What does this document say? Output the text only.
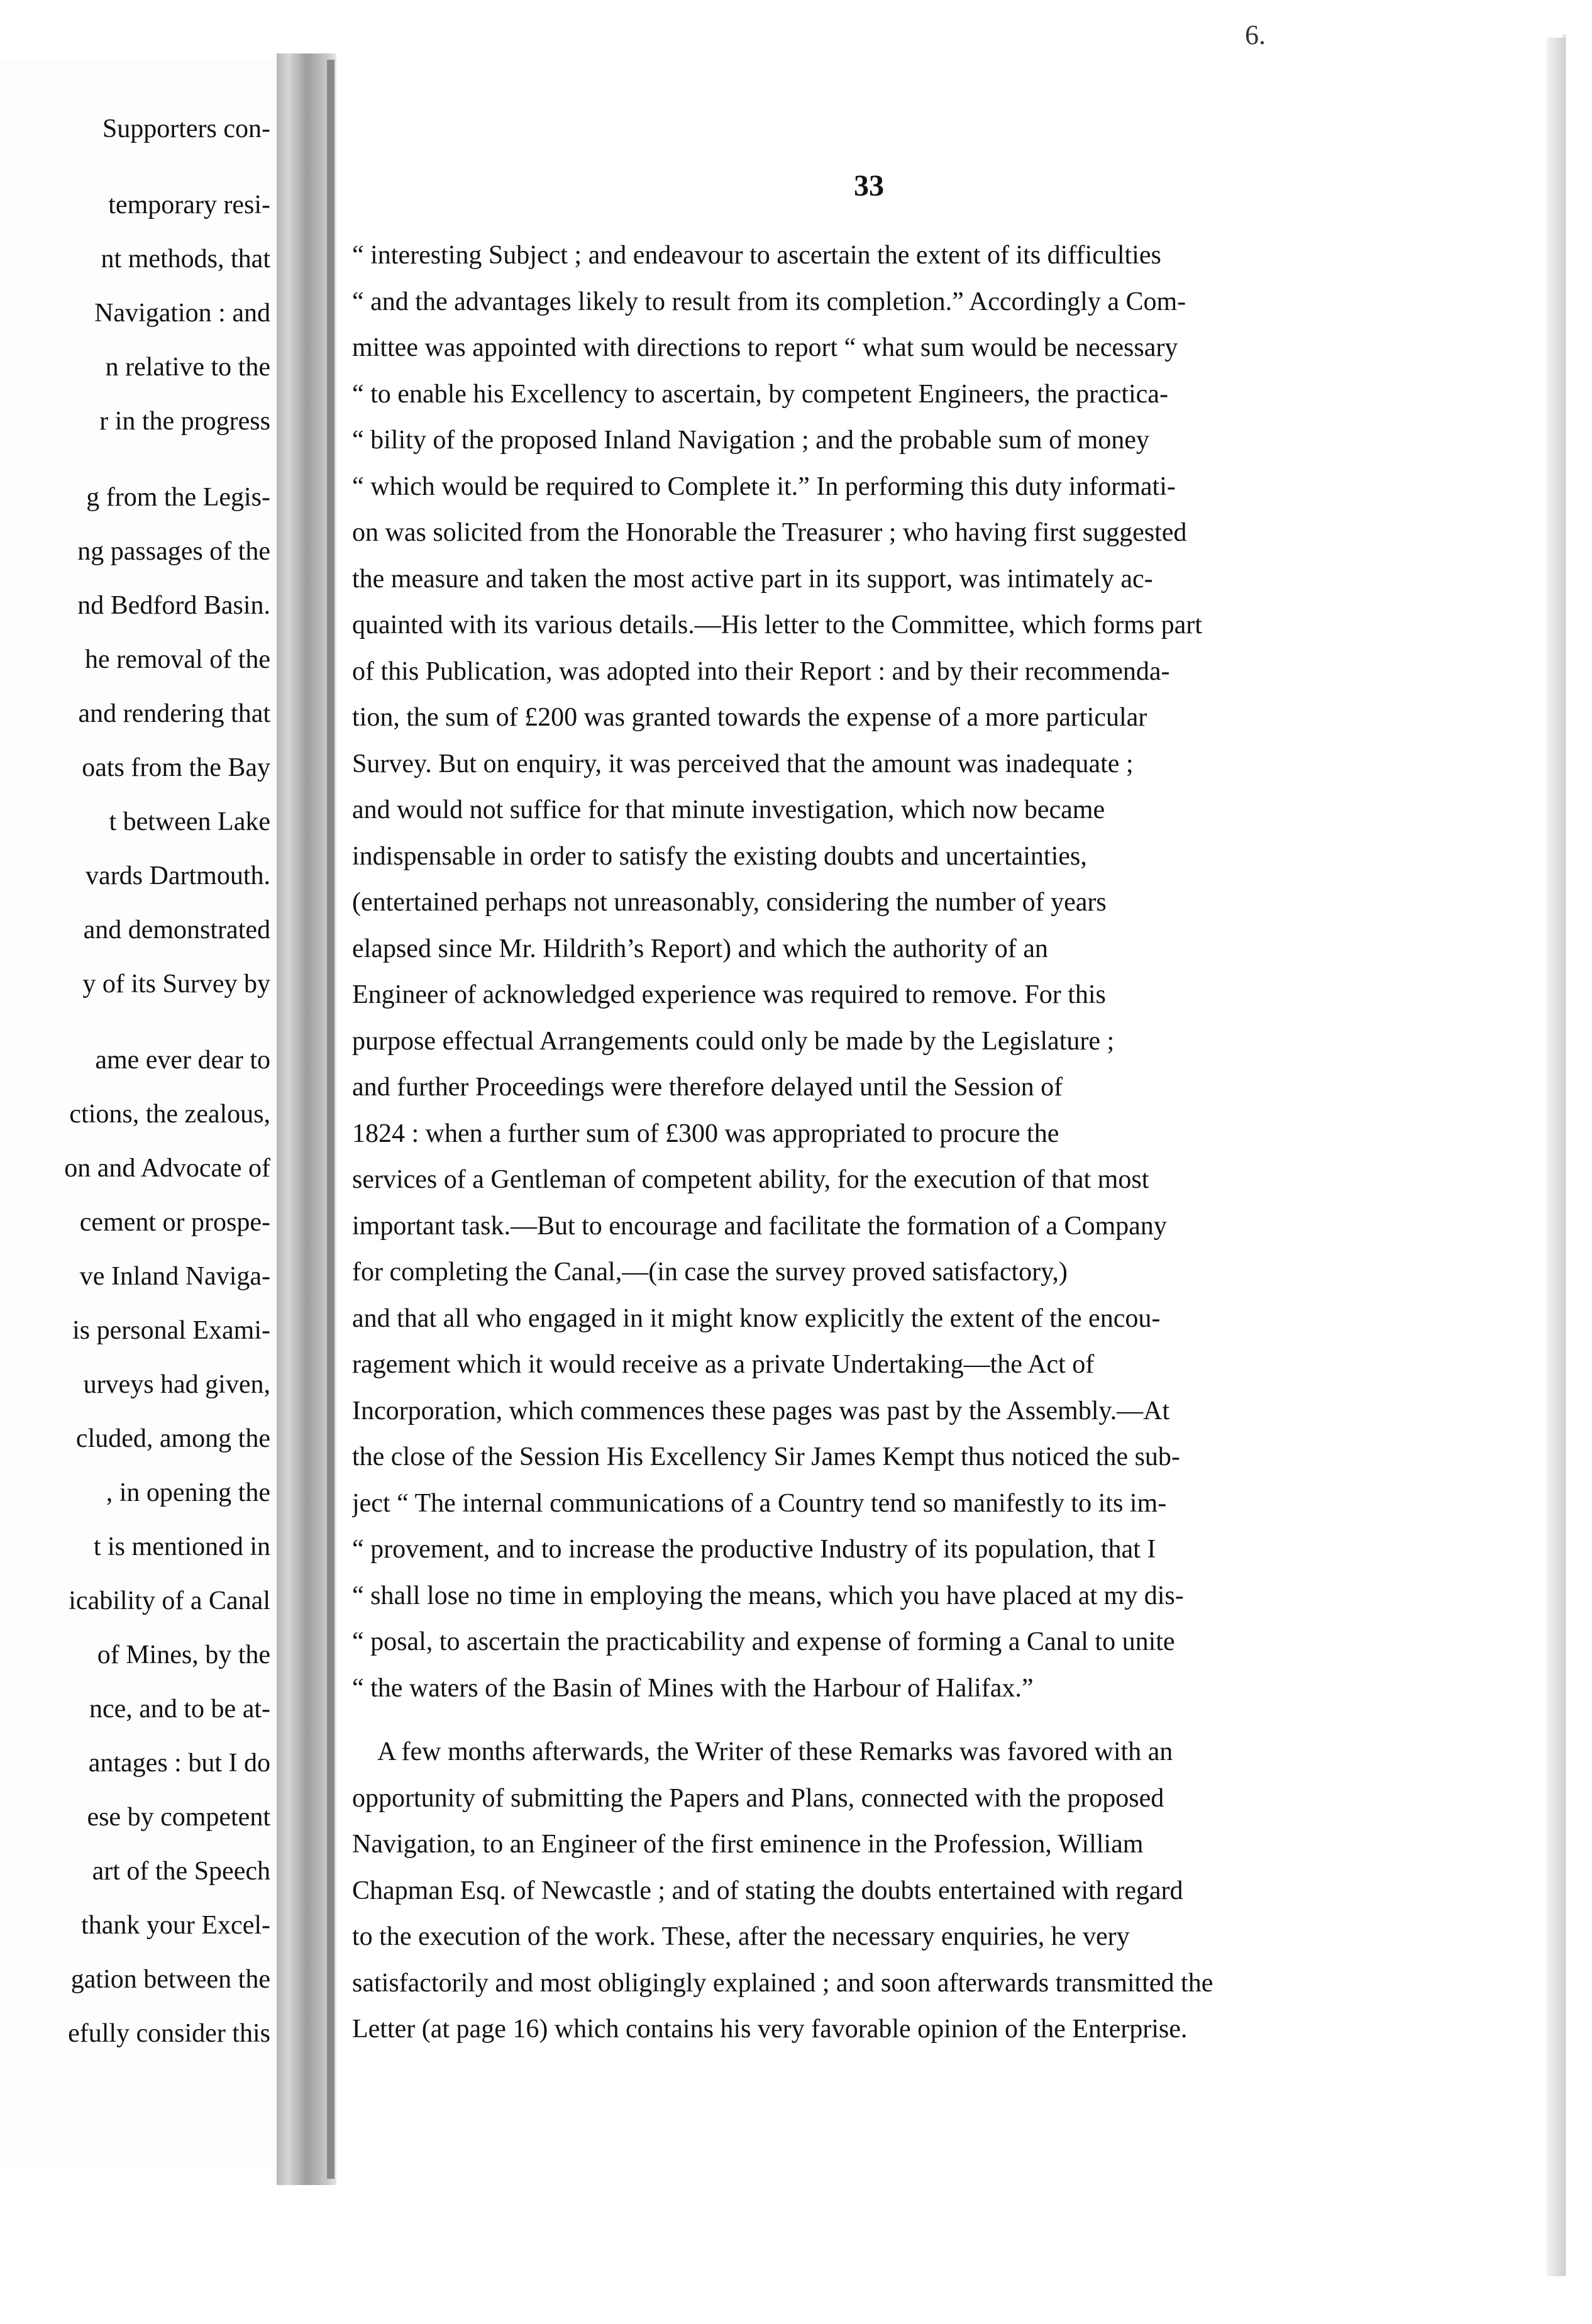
Supporters con-
temporary resi-
nt methods, that
Navigation : and
n relative to the
r in the progress
g from the Legis-
ng passages of the
nd Bedford Basin.
he removal of the
and rendering that
oats from the Bay
t between Lake
vards Dartmouth.
and demonstrated
y of its Survey by
ame ever dear to
ctions, the zealous,
on and Advocate of
cement or prospe-
ve Inland Naviga-
is personal Exami-
urveys had given,
cluded, among the
, in opening the
t is mentioned in
icability of a Canal
of Mines, by the
nce, and to be at-
antages : but I do
ese by competent
art of the Speech
thank your Excel-
gation between the
efully consider this
6.
33
“ interesting Subject ; and endeavour to ascertain the extent of its difficulties
“ and the advantages likely to result from its completion.” Accordingly a Com-
mittee was appointed with directions to report “ what sum would be necessary
“ to enable his Excellency to ascertain, by competent Engineers, the practica-
“ bility of the proposed Inland Navigation ; and the probable sum of money
“ which would be required to Complete it.” In performing this duty informati-
on was solicited from the Honorable the Treasurer ; who having first suggested
the measure and taken the most active part in its support, was intimately ac-
quainted with its various details.—His letter to the Committee, which forms part
of this Publication, was adopted into their Report : and by their recommenda-
tion, the sum of £200 was granted towards the expense of a more particular
Survey. But on enquiry, it was perceived that the amount was inadequate ;
and would not suffice for that minute investigation, which now became
indispensable in order to satisfy the existing doubts and uncertainties,
(entertained perhaps not unreasonably, considering the number of years
elapsed since Mr. Hildrith’s Report) and which the authority of an
Engineer of acknowledged experience was required to remove. For this
purpose effectual Arrangements could only be made by the Legislature ;
and further Proceedings were therefore delayed until the Session of
1824 : when a further sum of £300 was appropriated to procure the
services of a Gentleman of competent ability, for the execution of that most
important task.—But to encourage and facilitate the formation of a Company
for completing the Canal,—(in case the survey proved satisfactory,)
and that all who engaged in it might know explicitly the extent of the encou-
ragement which it would receive as a private Undertaking—the Act of
Incorporation, which commences these pages was past by the Assembly.—At
the close of the Session His Excellency Sir James Kempt thus noticed the sub-
ject “ The internal communications of a Country tend so manifestly to its im-
“ provement, and to increase the productive Industry of its population, that I
“ shall lose no time in employing the means, which you have placed at my dis-
“ posal, to ascertain the practicability and expense of forming a Canal to unite
“ the waters of the Basin of Mines with the Harbour of Halifax.”
A few months afterwards, the Writer of these Remarks was favored with an
opportunity of submitting the Papers and Plans, connected with the proposed
Navigation, to an Engineer of the first eminence in the Profession, William
Chapman Esq. of Newcastle ; and of stating the doubts entertained with regard
to the execution of the work. These, after the necessary enquiries, he very
satisfactorily and most obligingly explained ; and soon afterwards transmitted the
Letter (at page 16) which contains his very favorable opinion of the Enterprise.
